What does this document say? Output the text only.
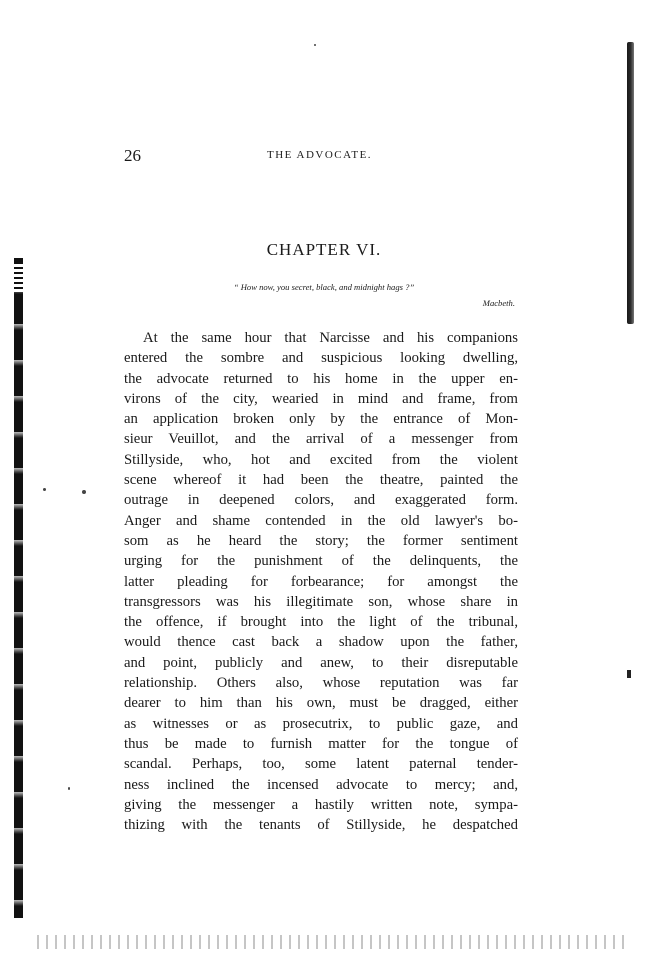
26	THE ADVOCATE.
CHAPTER VI.
“ How now, you secret, black, and midnight hags ?”
Macbeth.
At the same hour that Narcisse and his companions
entered the sombre and suspicious looking dwelling,
the advocate returned to his home in the upper en-
virons of the city, wearied in mind and frame, from
an application broken only by the entrance of Mon-
sieur Veuillot, and the arrival of a messenger from
Stillyside, who, hot and excited from the violent
scene whereof it had been the theatre, painted the
outrage in deepened colors, and exaggerated form.
Anger and shame contended in the old lawyer's bo-
som as he heard the story; the former sentiment
urging for the punishment of the delinquents, the
latter pleading for forbearance; for amongst the
transgressors was his illegitimate son, whose share in
the offence, if brought into the light of the tribunal,
would thence cast back a shadow upon the father,
and point, publicly and anew, to their disreputable
relationship. Others also, whose reputation was far
dearer to him than his own, must be dragged, either
as witnesses or as prosecutrix, to public gaze, and
thus be made to furnish matter for the tongue of
scandal. Perhaps, too, some latent paternal tender-
ness inclined the incensed advocate to mercy; and,
giving the messenger a hastily written note, sympa-
thizing with the tenants of Stillyside, he despatched
